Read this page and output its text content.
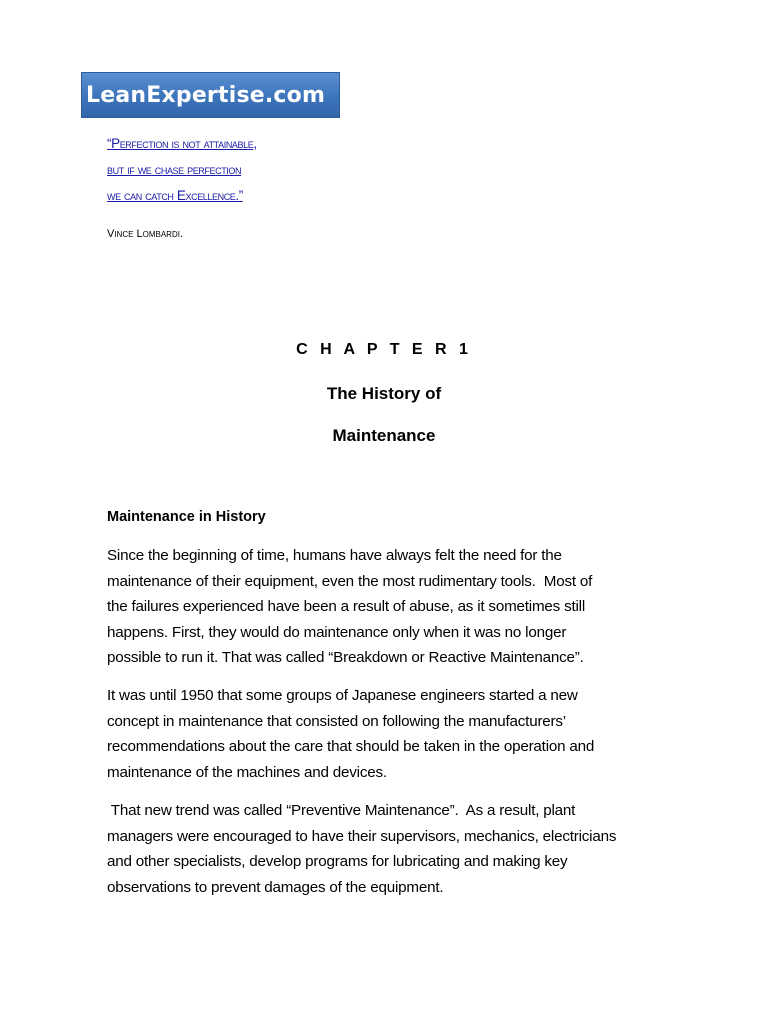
LeanExpertise.com
“Perfection is not attainable,
but if we chase perfection
we can catch Excellence.”
Vince Lombardi.
C H A P T E R 1
The History of
Maintenance
Maintenance in History
Since the beginning of time, humans have always felt the need for the
maintenance of their equipment, even the most rudimentary tools.  Most of
the failures experienced have been a result of abuse, as it sometimes still
happens. First, they would do maintenance only when it was no longer
possible to run it. That was called “Breakdown or Reactive Maintenance”.
It was until 1950 that some groups of Japanese engineers started a new
concept in maintenance that consisted on following the manufacturers’
recommendations about the care that should be taken in the operation and
maintenance of the machines and devices.
That new trend was called “Preventive Maintenance”.  As a result, plant
managers were encouraged to have their supervisors, mechanics, electricians
and other specialists, develop programs for lubricating and making key
observations to prevent damages of the equipment.
